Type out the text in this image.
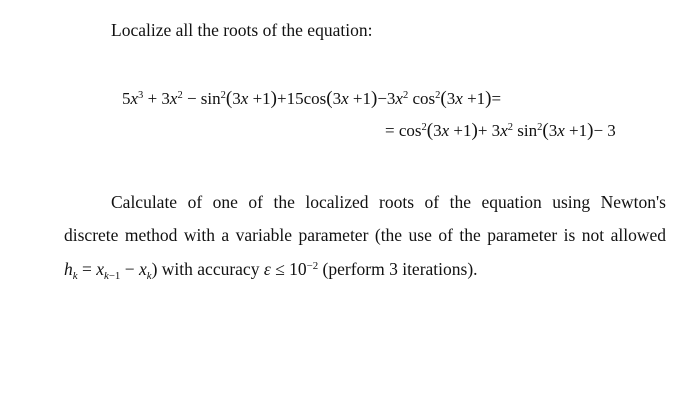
Localize all the roots of the equation:
$5x^3 + 3x^2 - \sin^2(3x +1)+15\cos(3x +1)-3x^2$ $\cos^2(3x +1)=$
= $\cos^2(3x +1)+ 3x^2$ $\sin^2(3x +1)- 3$
Calculate of one of the localized roots of the equation using Newton's
discrete method with a variable parameter (the use of the parameter is not allowed
$h_k = x_{k-1} - x_k$) with accuracy $\varepsilon \le 10^{-2}$ (perform 3 iterations).
